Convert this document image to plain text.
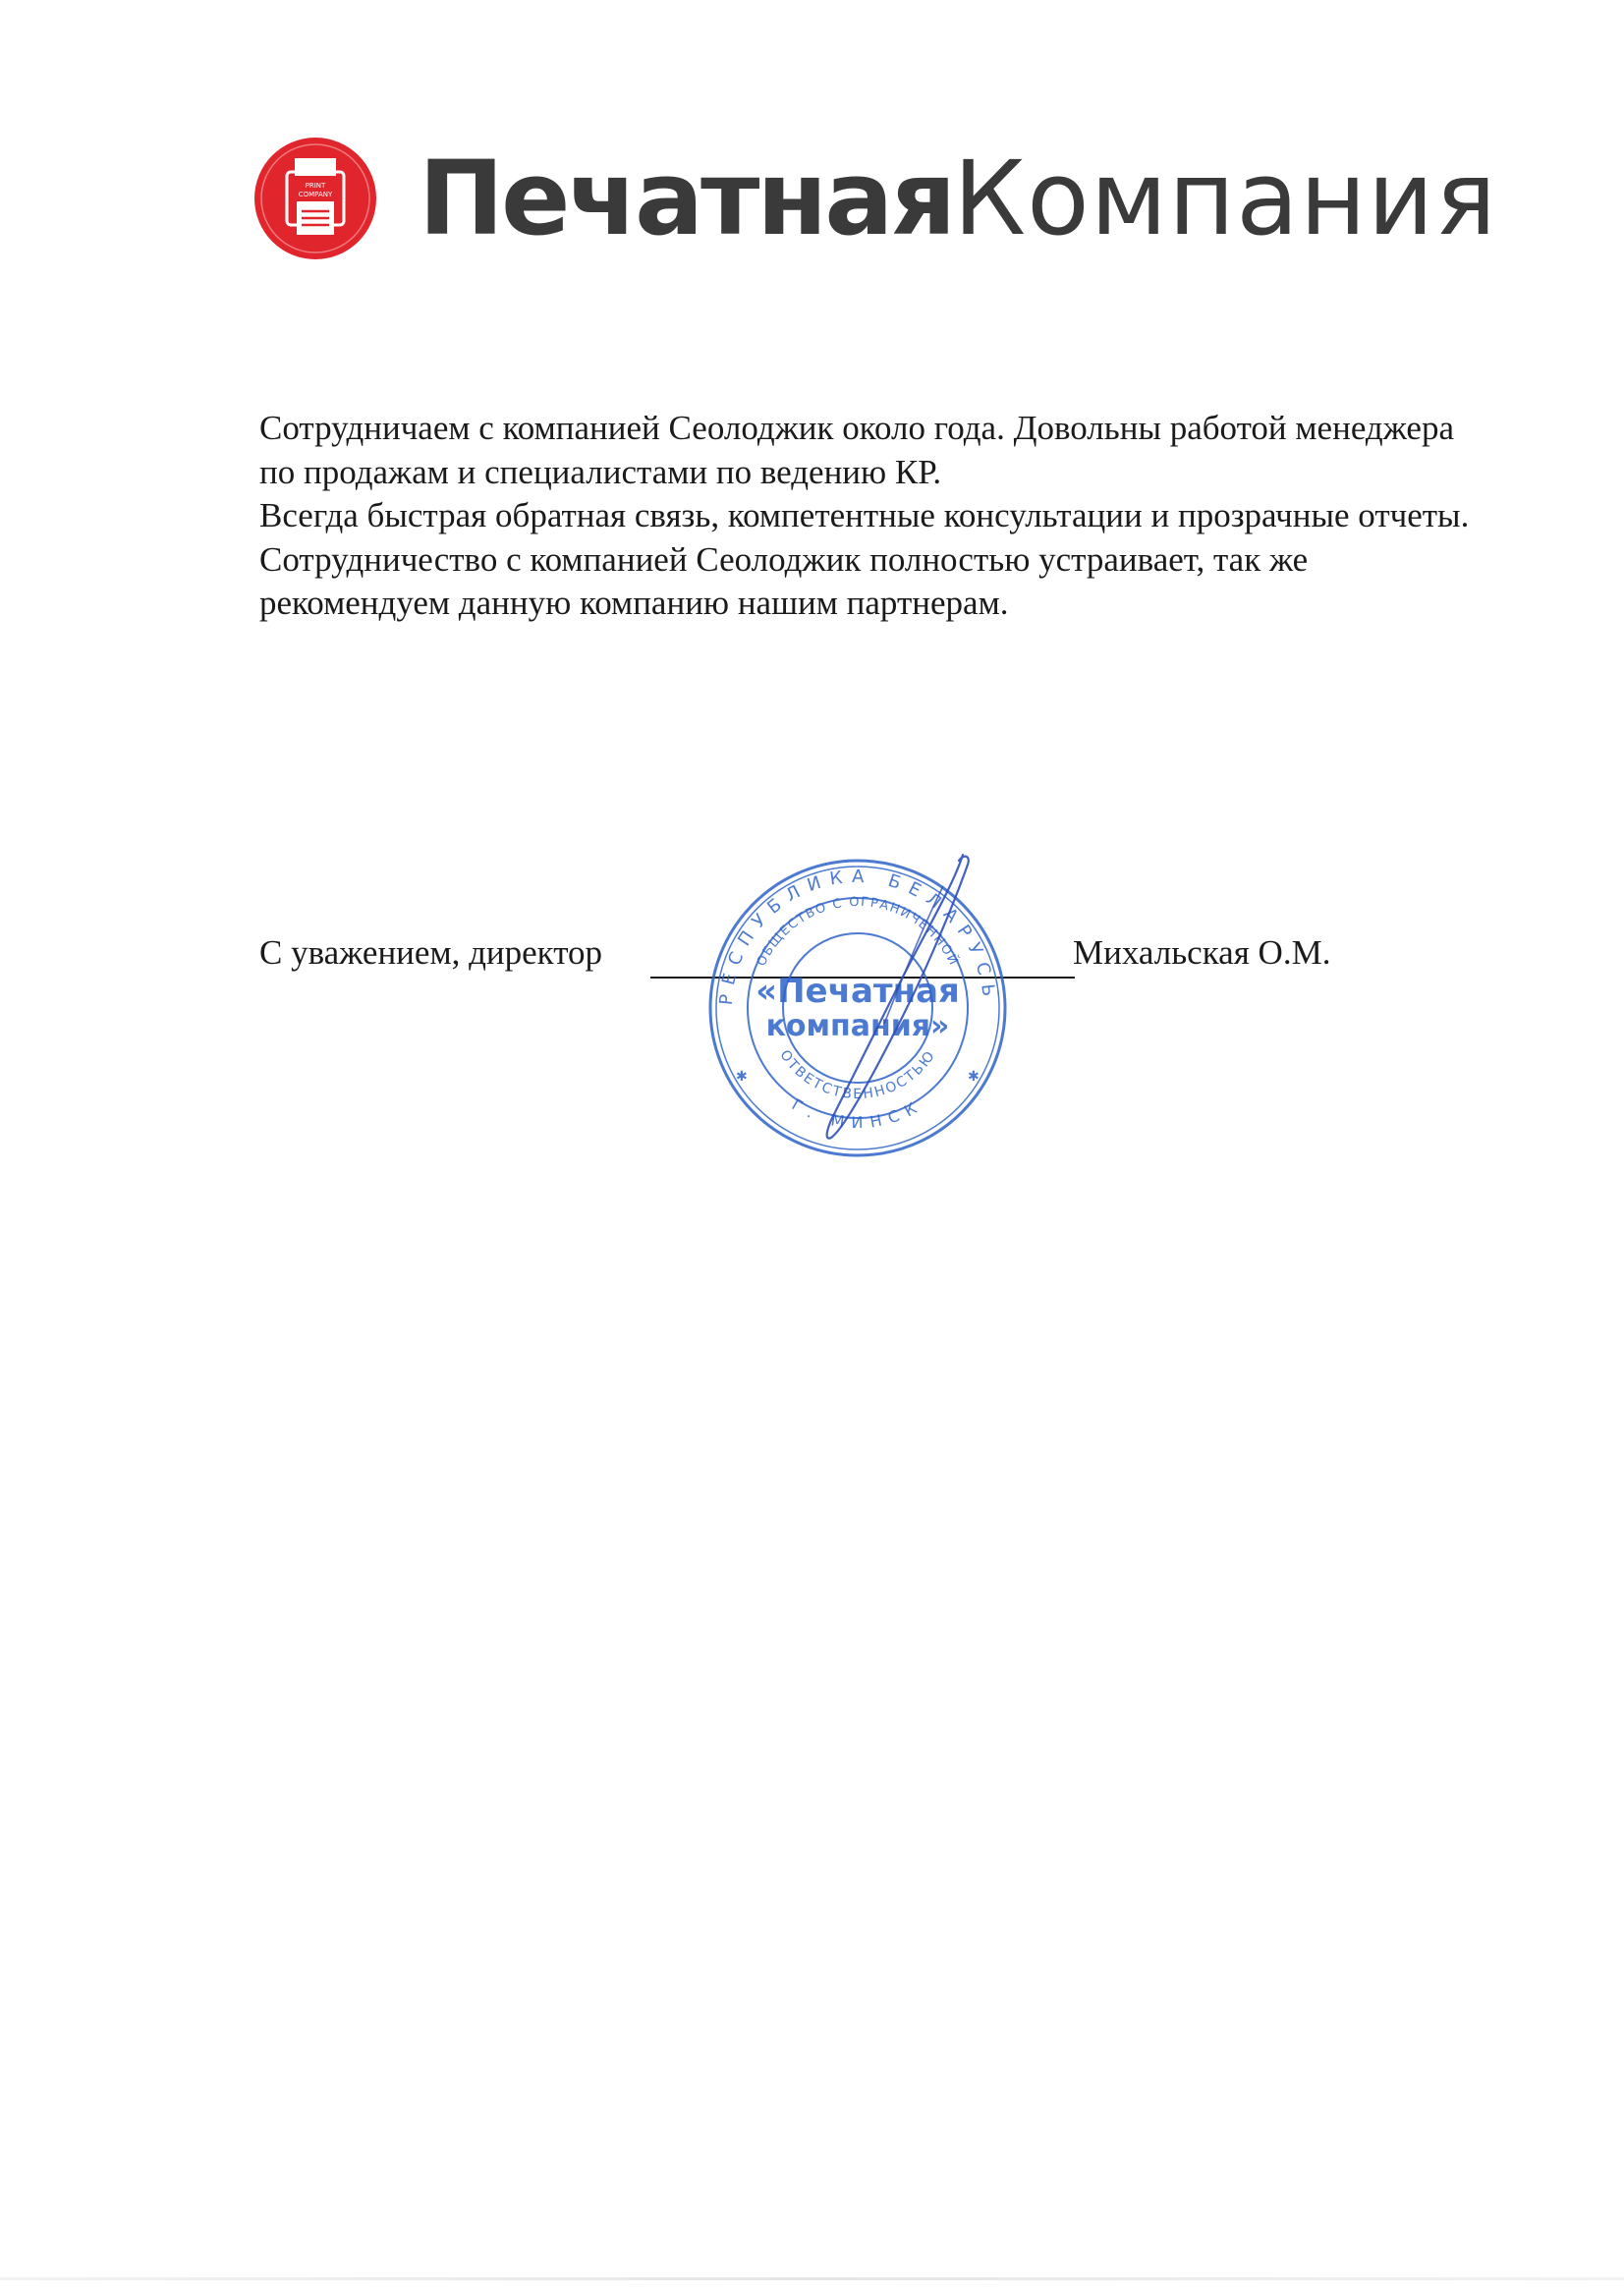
PRINT
COMPANY ПечатнаяКомпания

Сотрудничаем с компанией Сеолоджик около года. Довольны работой менеджера по продажам и специалистами по ведению КР.

Всегда быстрая обратная связь, компетентные консультации и прозрачные отчеты.

Сотрудничество с компанией Сеолоджик полностью устраивает, так же рекомендуем данную компанию нашим партнерам.

С уважением, директор	Михальская О.М.
РЕСПУБЛИКА БЕЛАРУСЬ
ОБЩЕСТВО С ОГРАНИЧЕННОЙ
ОТВЕТСТВЕННОСТЬЮ
Г. МИНСК
«Печатная
компания»
✱	✱
